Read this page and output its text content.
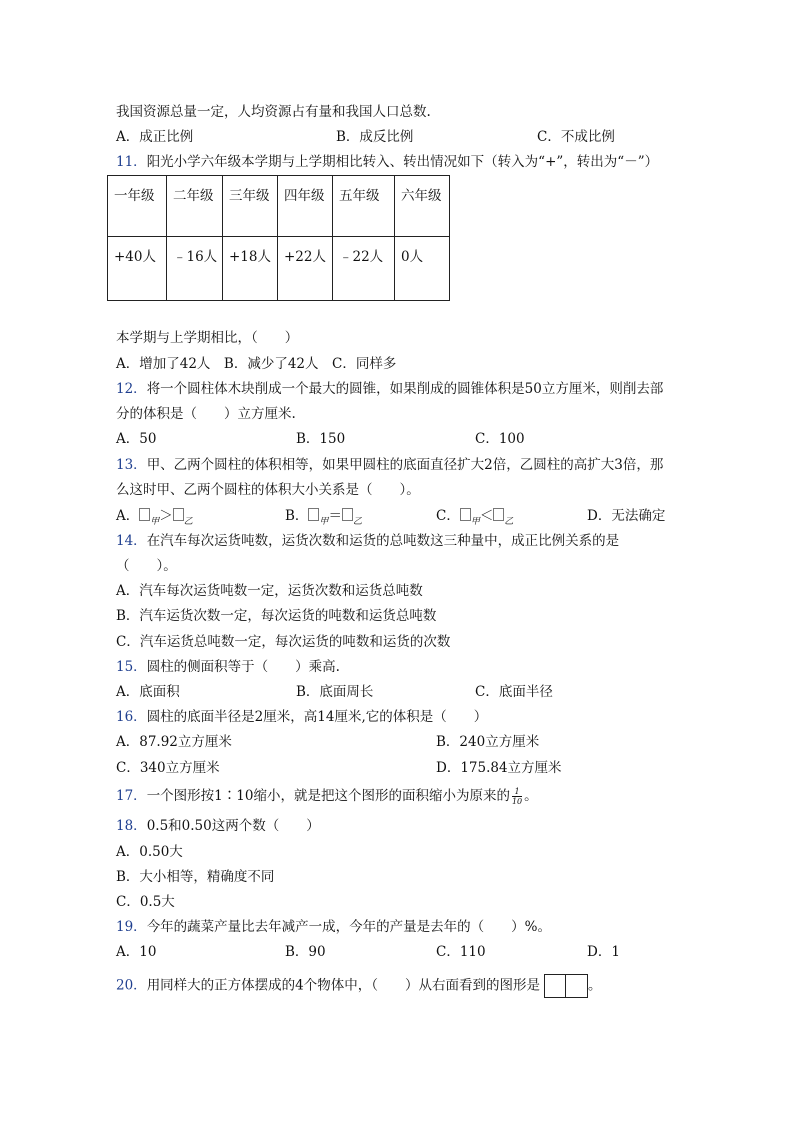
我国资源总量一定，人均资源占有量和我国人口总数.
A．成正比例	B．成反比例	C．不成比例
11．阳光小学六年级本学期与上学期相比转入、转出情况如下（转入为“+”，转出为“－”）
一年级	二年级	三年级	四年级	五年级	六年级
+40人	﹣16人	+18人	+22人	﹣22人	0人
本学期与上学期相比，（　　）
A．增加了42人　B．减少了42人　C．同样多
12．将一个圆柱体木块削成一个最大的圆锥，如果削成的圆锥体积是50立方厘米，则削去部
分的体积是（　　）立方厘米.
A．50	B．150	C．100
13．甲、乙两个圆柱的体积相等，如果甲圆柱的底面直径扩大2倍，乙圆柱的高扩大3倍，那
么这时甲、乙两个圆柱的体积大小关系是（　　）。
A． $_甲$＞ $_乙$	B． $_甲$＝ $_乙$	C． $_甲$＜ $_乙$	D．无法确定
14．在汽车每次运货吨数，运货次数和运货的总吨数这三种量中，成正比例关系的是
（　　）。
A．汽车每次运货吨数一定，运货次数和运货总吨数
B．汽车运货次数一定，每次运货的吨数和运货总吨数
C．汽车运货总吨数一定，每次运货的吨数和运货的次数
15．圆柱的侧面积等于（　　）乘高.
A．底面积	B．底面周长	C．底面半径
16．圆柱的底面半径是2厘米，高14厘米,它的体积是（　　）
A．87.92立方厘米	B．240立方厘米
C．340立方厘米	D．175.84立方厘米
17．一个图形按1∶10缩小，就是把这个图形的面积缩小为原来的 $\frac{1}{10}$ 。
18．0.5和0.50这两个数（　　）
A．0.50大
B．大小相等，精确度不同
C．0.5大
19．今年的蔬菜产量比去年减产一成，今年的产量是去年的（　　）%。
A．10	B．90	C．110	D．1
20．用同样大的正方体摆成的4个物体中，（　　）从右面看到的图形是	。
